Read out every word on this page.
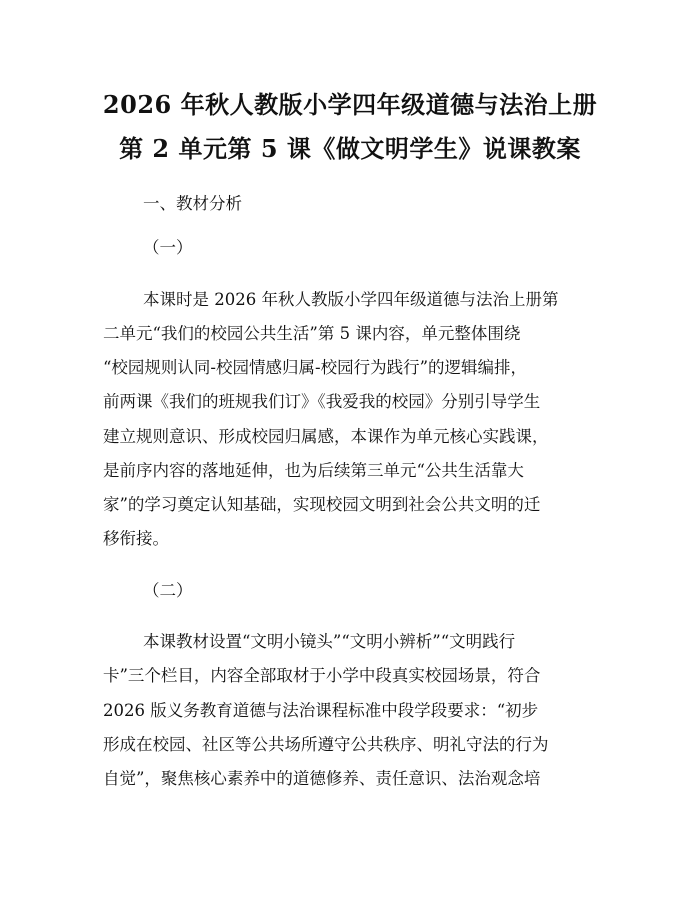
2026 年秋人教版小学四年级道德与法治上册
第 2 单元第 5 课《做文明学生》说课教案
一、教材分析
（一）
本课时是 2026 年秋人教版小学四年级道德与法治上册第
二单元“我们的校园公共生活”第 5 课内容，单元整体围绕
“校园规则认同-校园情感归属-校园行为践行”的逻辑编排，
前两课《我们的班规我们订》《我爱我的校园》分别引导学生
建立规则意识、形成校园归属感，本课作为单元核心实践课，
是前序内容的落地延伸，也为后续第三单元“公共生活靠大
家”的学习奠定认知基础，实现校园文明到社会公共文明的迁
移衔接。
（二）
本课教材设置“文明小镜头”“文明小辨析”“文明践行
卡”三个栏目，内容全部取材于小学中段真实校园场景，符合
2026 版义务教育道德与法治课程标准中段学段要求：“初步
形成在校园、社区等公共场所遵守公共秩序、明礼守法的行为
自觉”，聚焦核心素养中的道德修养、责任意识、法治观念培
